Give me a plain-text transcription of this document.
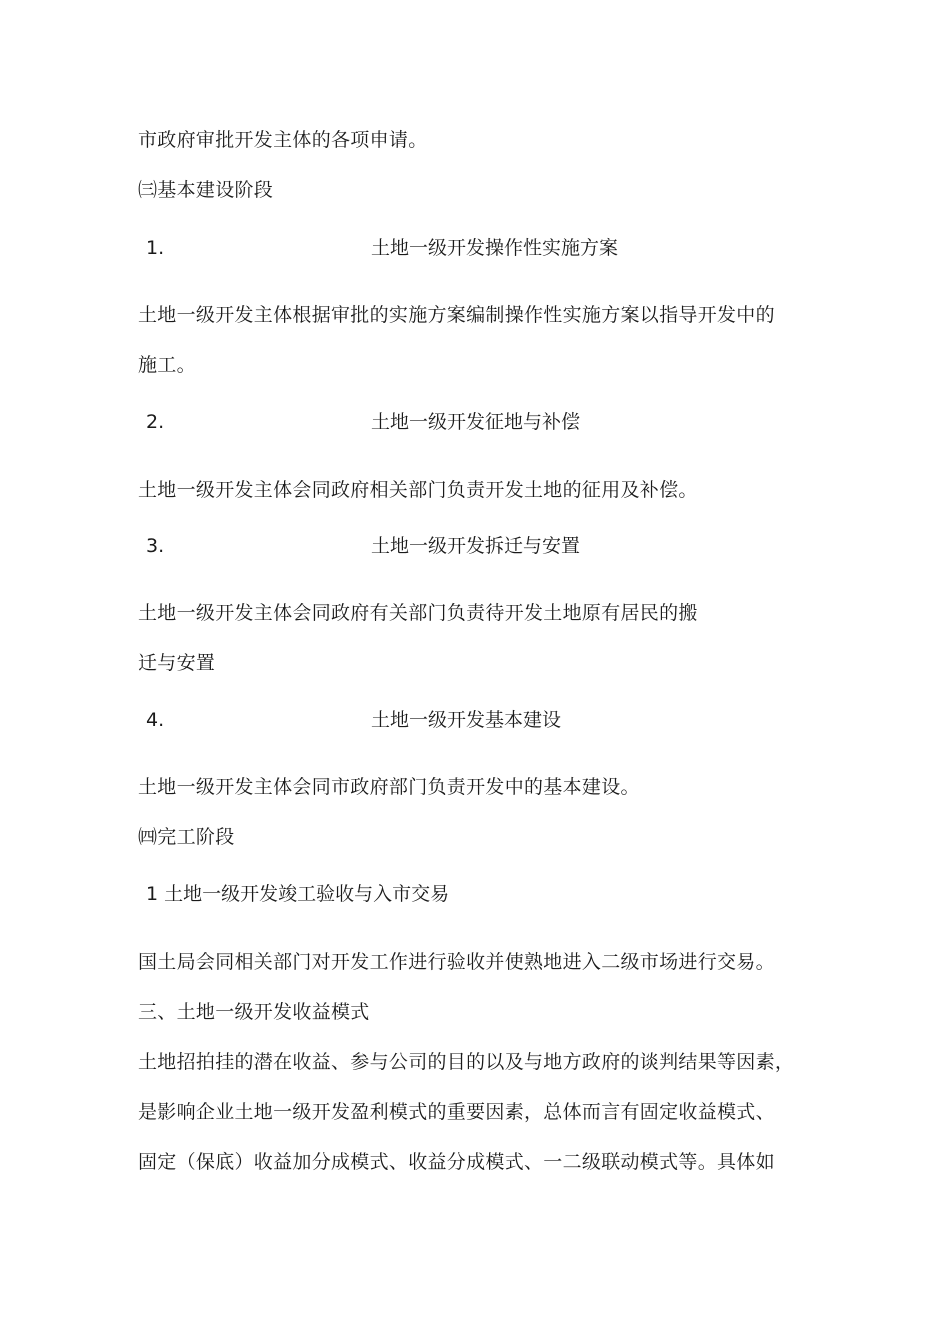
市政府审批开发主体的各项申请。
㈢基本建设阶段
1.	土地一级开发操作性实施方案
土地一级开发主体根据审批的实施方案编制操作性实施方案以指导开发中的
施工。
2.	土地一级开发征地与补偿
土地一级开发主体会同政府相关部门负责开发土地的征用及补偿。
3.	土地一级开发拆迁与安置
土地一级开发主体会同政府有关部门负责待开发土地原有居民的搬
迁与安置
4.	土地一级开发基本建设
土地一级开发主体会同市政府部门负责开发中的基本建设。
㈣完工阶段
1 土地一级开发竣工验收与入市交易
国土局会同相关部门对开发工作进行验收并使熟地进入二级市场进行交易。
三、土地一级开发收益模式
土地招拍挂的潜在收益、参与公司的目的以及与地方政府的谈判结果等因素，
是影响企业土地一级开发盈利模式的重要因素，总体而言有固定收益模式、
固定（保底）收益加分成模式、收益分成模式、一二级联动模式等。具体如
